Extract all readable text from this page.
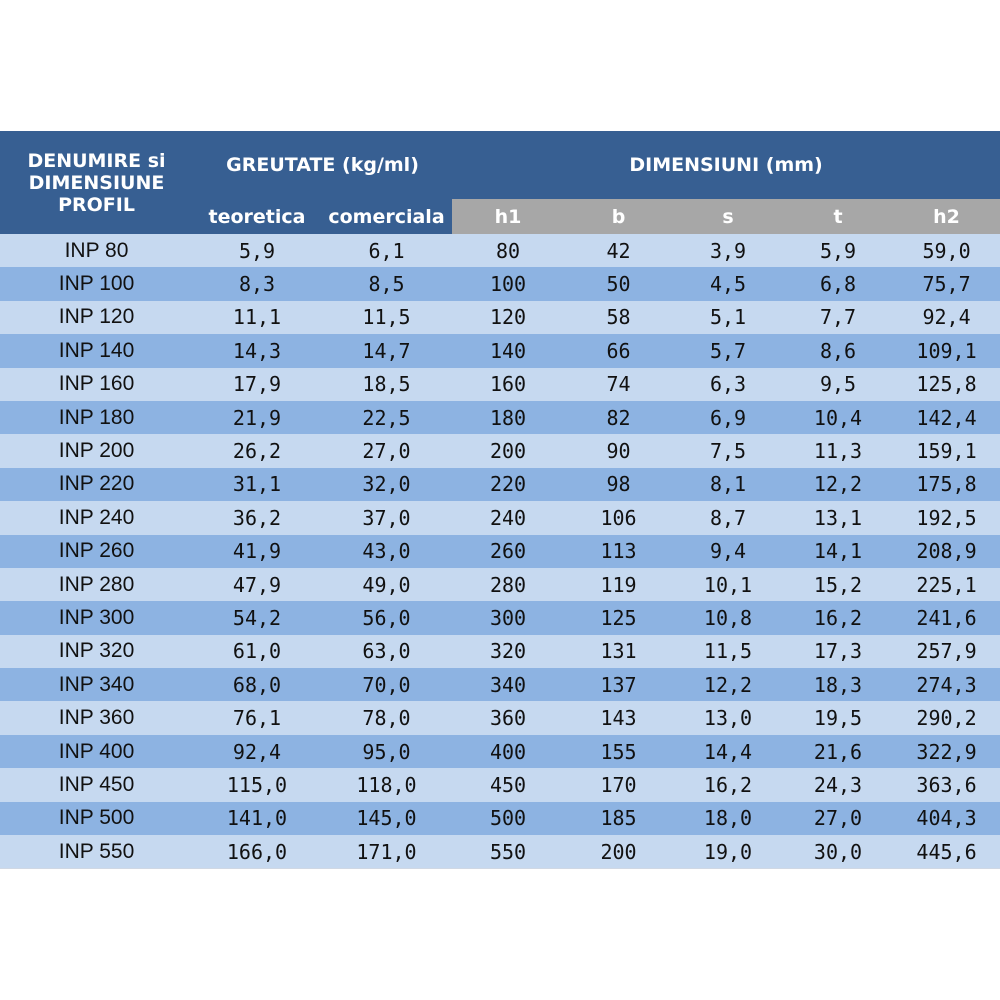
DENUMIRE si
DIMENSIUNE
PROFIL	GREUTATE (kg/ml)		DIMENSIUNI (mm)				
	teoretica	comerciala	h1	b	s	t	h2
INP 80	5,9	6,1	80	42	3,9	5,9	59,0
INP 100	8,3	8,5	100	50	4,5	6,8	75,7
INP 120	11,1	11,5	120	58	5,1	7,7	92,4
INP 140	14,3	14,7	140	66	5,7	8,6	109,1
INP 160	17,9	18,5	160	74	6,3	9,5	125,8
INP 180	21,9	22,5	180	82	6,9	10,4	142,4
INP 200	26,2	27,0	200	90	7,5	11,3	159,1
INP 220	31,1	32,0	220	98	8,1	12,2	175,8
INP 240	36,2	37,0	240	106	8,7	13,1	192,5
INP 260	41,9	43,0	260	113	9,4	14,1	208,9
INP 280	47,9	49,0	280	119	10,1	15,2	225,1
INP 300	54,2	56,0	300	125	10,8	16,2	241,6
INP 320	61,0	63,0	320	131	11,5	17,3	257,9
INP 340	68,0	70,0	340	137	12,2	18,3	274,3
INP 360	76,1	78,0	360	143	13,0	19,5	290,2
INP 400	92,4	95,0	400	155	14,4	21,6	322,9
INP 450	115,0	118,0	450	170	16,2	24,3	363,6
INP 500	141,0	145,0	500	185	18,0	27,0	404,3
INP 550	166,0	171,0	550	200	19,0	30,0	445,6
